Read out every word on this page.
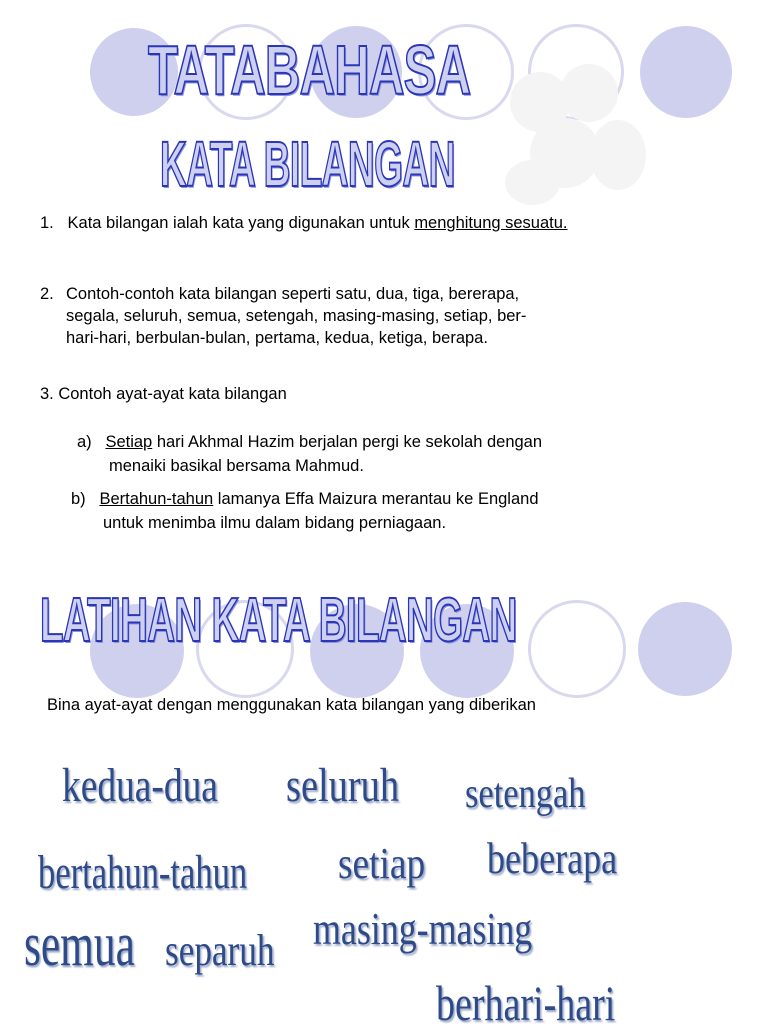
TATABAHASA
KATA BILANGAN
1. Kata bilangan ialah kata yang digunakan untuk menghitung sesuatu.
2. Contoh-contoh kata bilangan seperti satu, dua, tiga, bererapa,
segala, seluruh, semua, setengah, masing-masing, setiap, ber-
hari-hari, berbulan-bulan, pertama, kedua, ketiga, berapa.
3. Contoh ayat-ayat kata bilangan
a) Setiap hari Akhmal Hazim berjalan pergi ke sekolah dengan
menaiki basikal bersama Mahmud.
b) Bertahun-tahun lamanya Effa Maizura merantau ke England
untuk menimba ilmu dalam bidang perniagaan.
LATIHAN KATA BILANGAN
Bina ayat-ayat dengan menggunakan kata bilangan yang diberikan
kedua-dua seluruh setengah
bertahun-tahun setiap beberapa
semua separuh masing-masing
berhari-hari
